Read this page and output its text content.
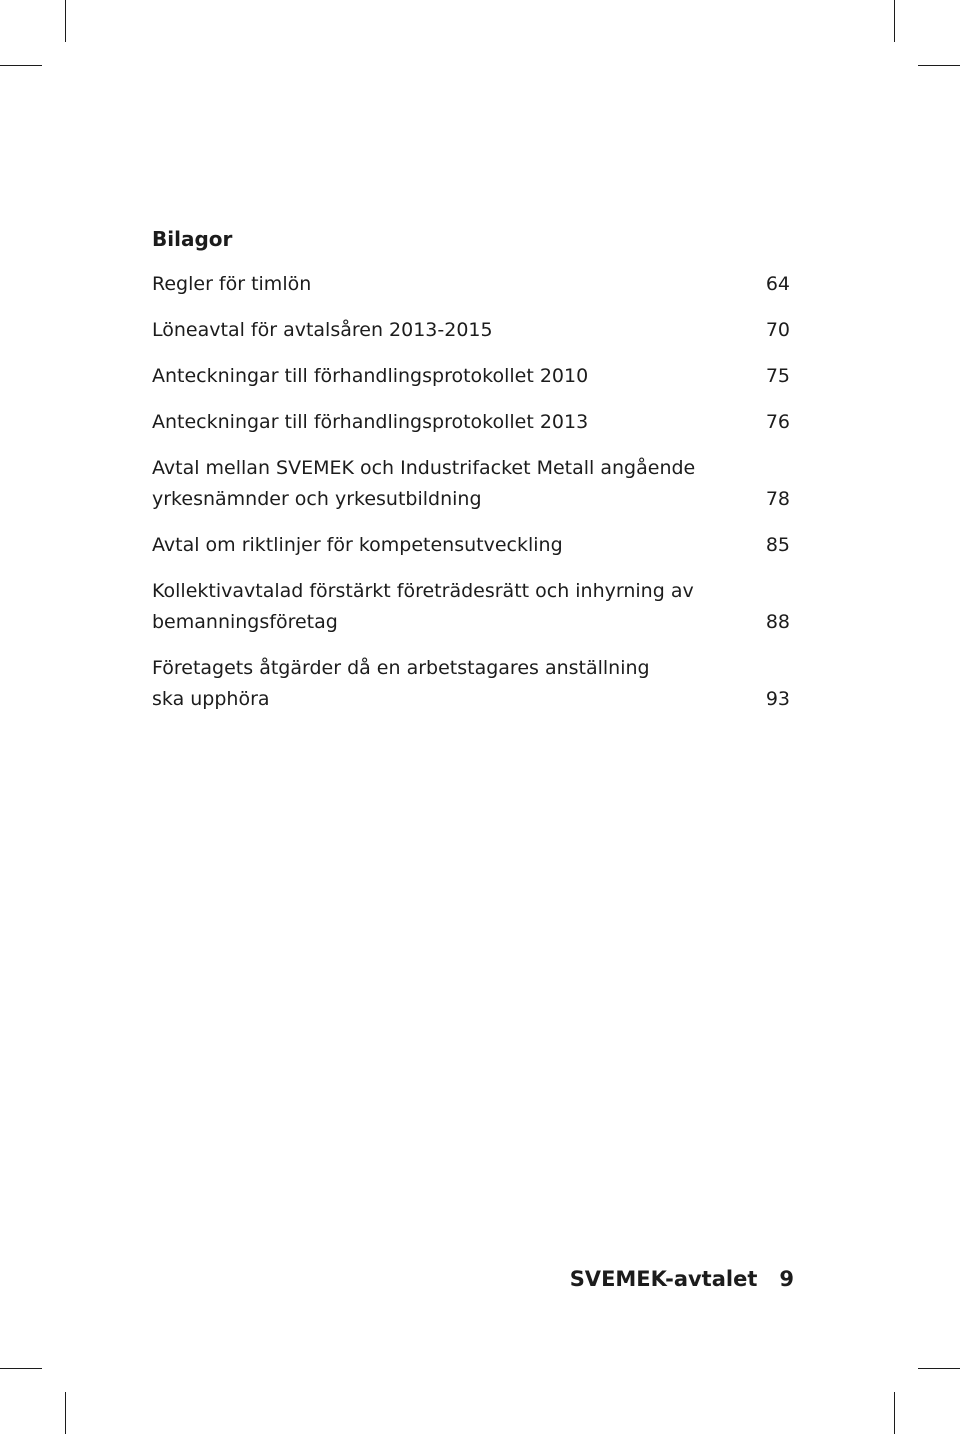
Bilagor
Regler för timlön	64
Löneavtal för avtalsåren 2013-2015	70
Anteckningar till förhandlingsprotokollet 2010	75
Anteckningar till förhandlingsprotokollet 2013	76
Avtal mellan SVEMEK och Industrifacket Metall angående
yrkesnämnder och yrkesutbildning	78
Avtal om riktlinjer för kompetensutveckling	85
Kollektivavtalad förstärkt företrädesrätt och inhyrning av
bemanningsföretag	88
Företagets åtgärder då en arbetstagares anställning
ska upphöra	93
SVEMEK-avtalet 9
